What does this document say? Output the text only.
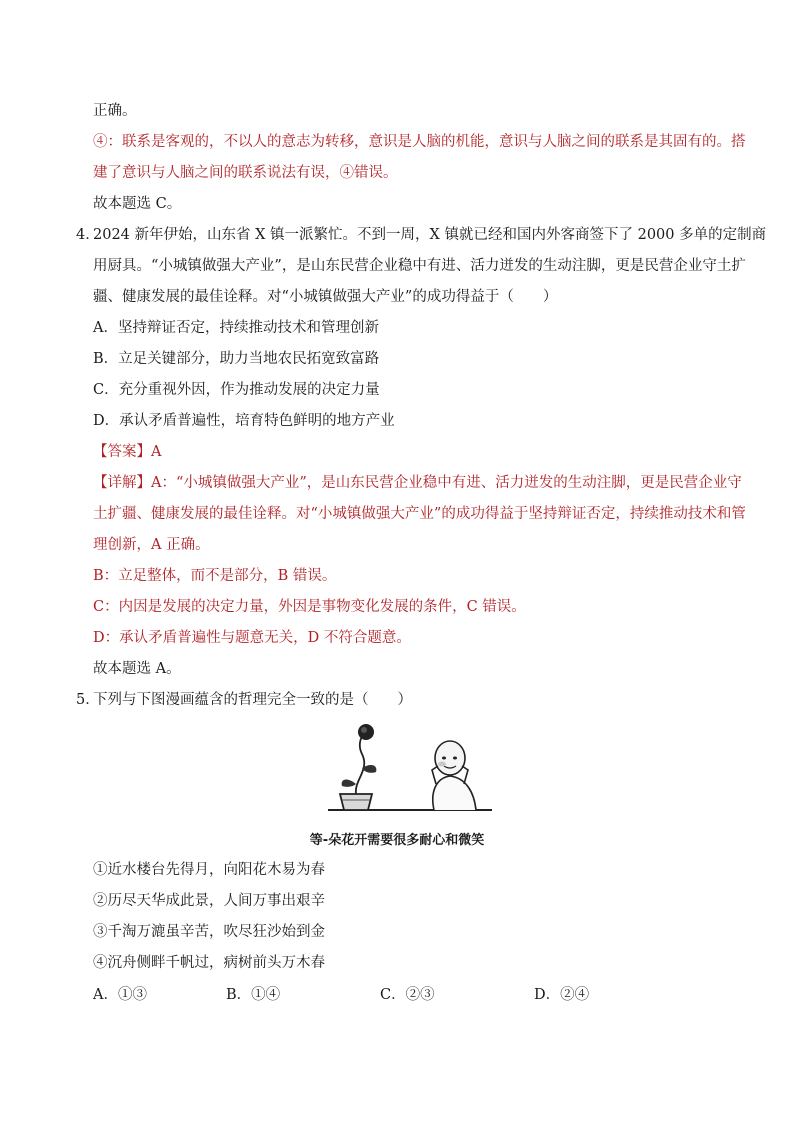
正确。
④：联系是客观的，不以人的意志为转移，意识是人脑的机能，意识与人脑之间的联系是其固有的。搭
建了意识与人脑之间的联系说法有误，④错误。
故本题选 C。
4．
2024 新年伊始，山东省 X 镇一派繁忙。不到一周，X 镇就已经和国内外客商签下了 2000 多单的定制商
用厨具。“小城镇做强大产业”，是山东民营企业稳中有进、活力迸发的生动注脚，更是民营企业守土扩
疆、健康发展的最佳诠释。对“小城镇做强大产业”的成功得益于（　　）
A．坚持辩证否定，持续推动技术和管理创新
B．立足关键部分，助力当地农民拓宽致富路
C．充分重视外因，作为推动发展的决定力量
D．承认矛盾普遍性，培育特色鲜明的地方产业
【答案】A
【详解】A：“小城镇做强大产业”，是山东民营企业稳中有进、活力迸发的生动注脚，更是民营企业守
土扩疆、健康发展的最佳诠释。对“小城镇做强大产业”的成功得益于坚持辩证否定，持续推动技术和管
理创新，A 正确。
B：立足整体，而不是部分，B 错误。
C：内因是发展的决定力量，外因是事物变化发展的条件，C 错误。
D：承认矛盾普遍性与题意无关，D 不符合题意。
故本题选 A。
5．
下列与下图漫画蕴含的哲理完全一致的是（　　）
等-朵花开需要很多耐心和微笑
①近水楼台先得月，向阳花木易为春
②历尽天华成此景，人间万事出艰辛
③千淘万漉虽辛苦，吹尽狂沙始到金
④沉舟侧畔千帆过，病树前头万木春
A．①③	B．①④	C．②③	D．②④
